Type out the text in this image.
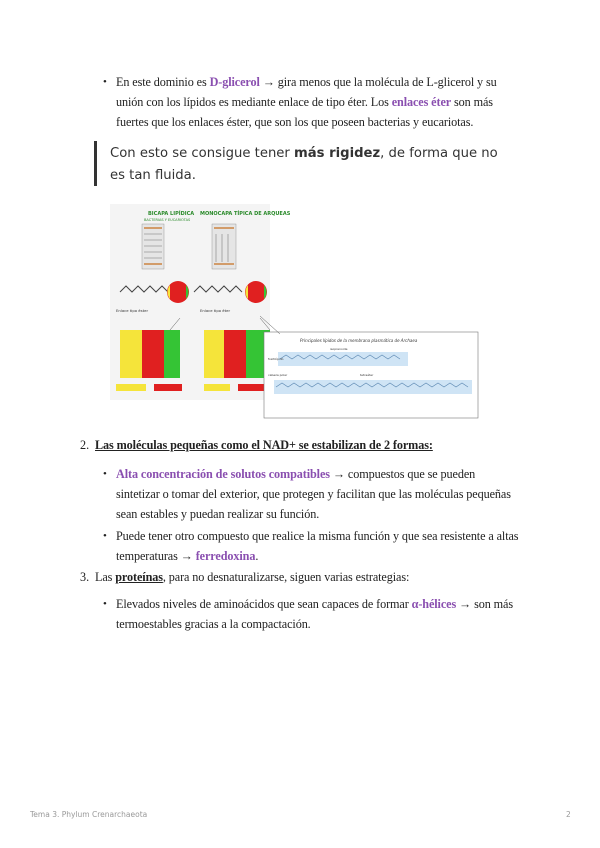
• En este dominio es D-glicerol → gira menos que la molécula de L-glicerol y su unión con los lípidos es mediante enlace de tipo éter. Los enlaces éter son más fuertes que los enlaces éster, que son los que poseen bacterias y eucariotas.
Con esto se consigue tener más rigidez, de forma que no es tan fluida.
BICAPA LIPÍDICA
BACTERIAS Y EUCARIOTAS
MONOCAPA TÍPICA DE ARQUEAS
Enlace tipo éster	Enlace tipo éter
Principales lípidos de la membrana plasmática de Archaea
fosfolípido
isoprenoide
cabeza polar	tetraéter
2. Las moléculas pequeñas como el NAD+ se estabilizan de 2 formas:
• Alta concentración de solutos compatibles → compuestos que se pueden sintetizar o tomar del exterior, que protegen y facilitan que las moléculas pequeñas sean estables y puedan realizar su función.
• Puede tener otro compuesto que realice la misma función y que sea resistente a altas temperaturas → ferredoxina.
3. Las proteínas, para no desnaturalizarse, siguen varias estrategias:
• Elevados niveles de aminoácidos que sean capaces de formar α-hélices → son más termoestables gracias a la compactación.
Tema 3. Phylum Crenarchaeota	2
